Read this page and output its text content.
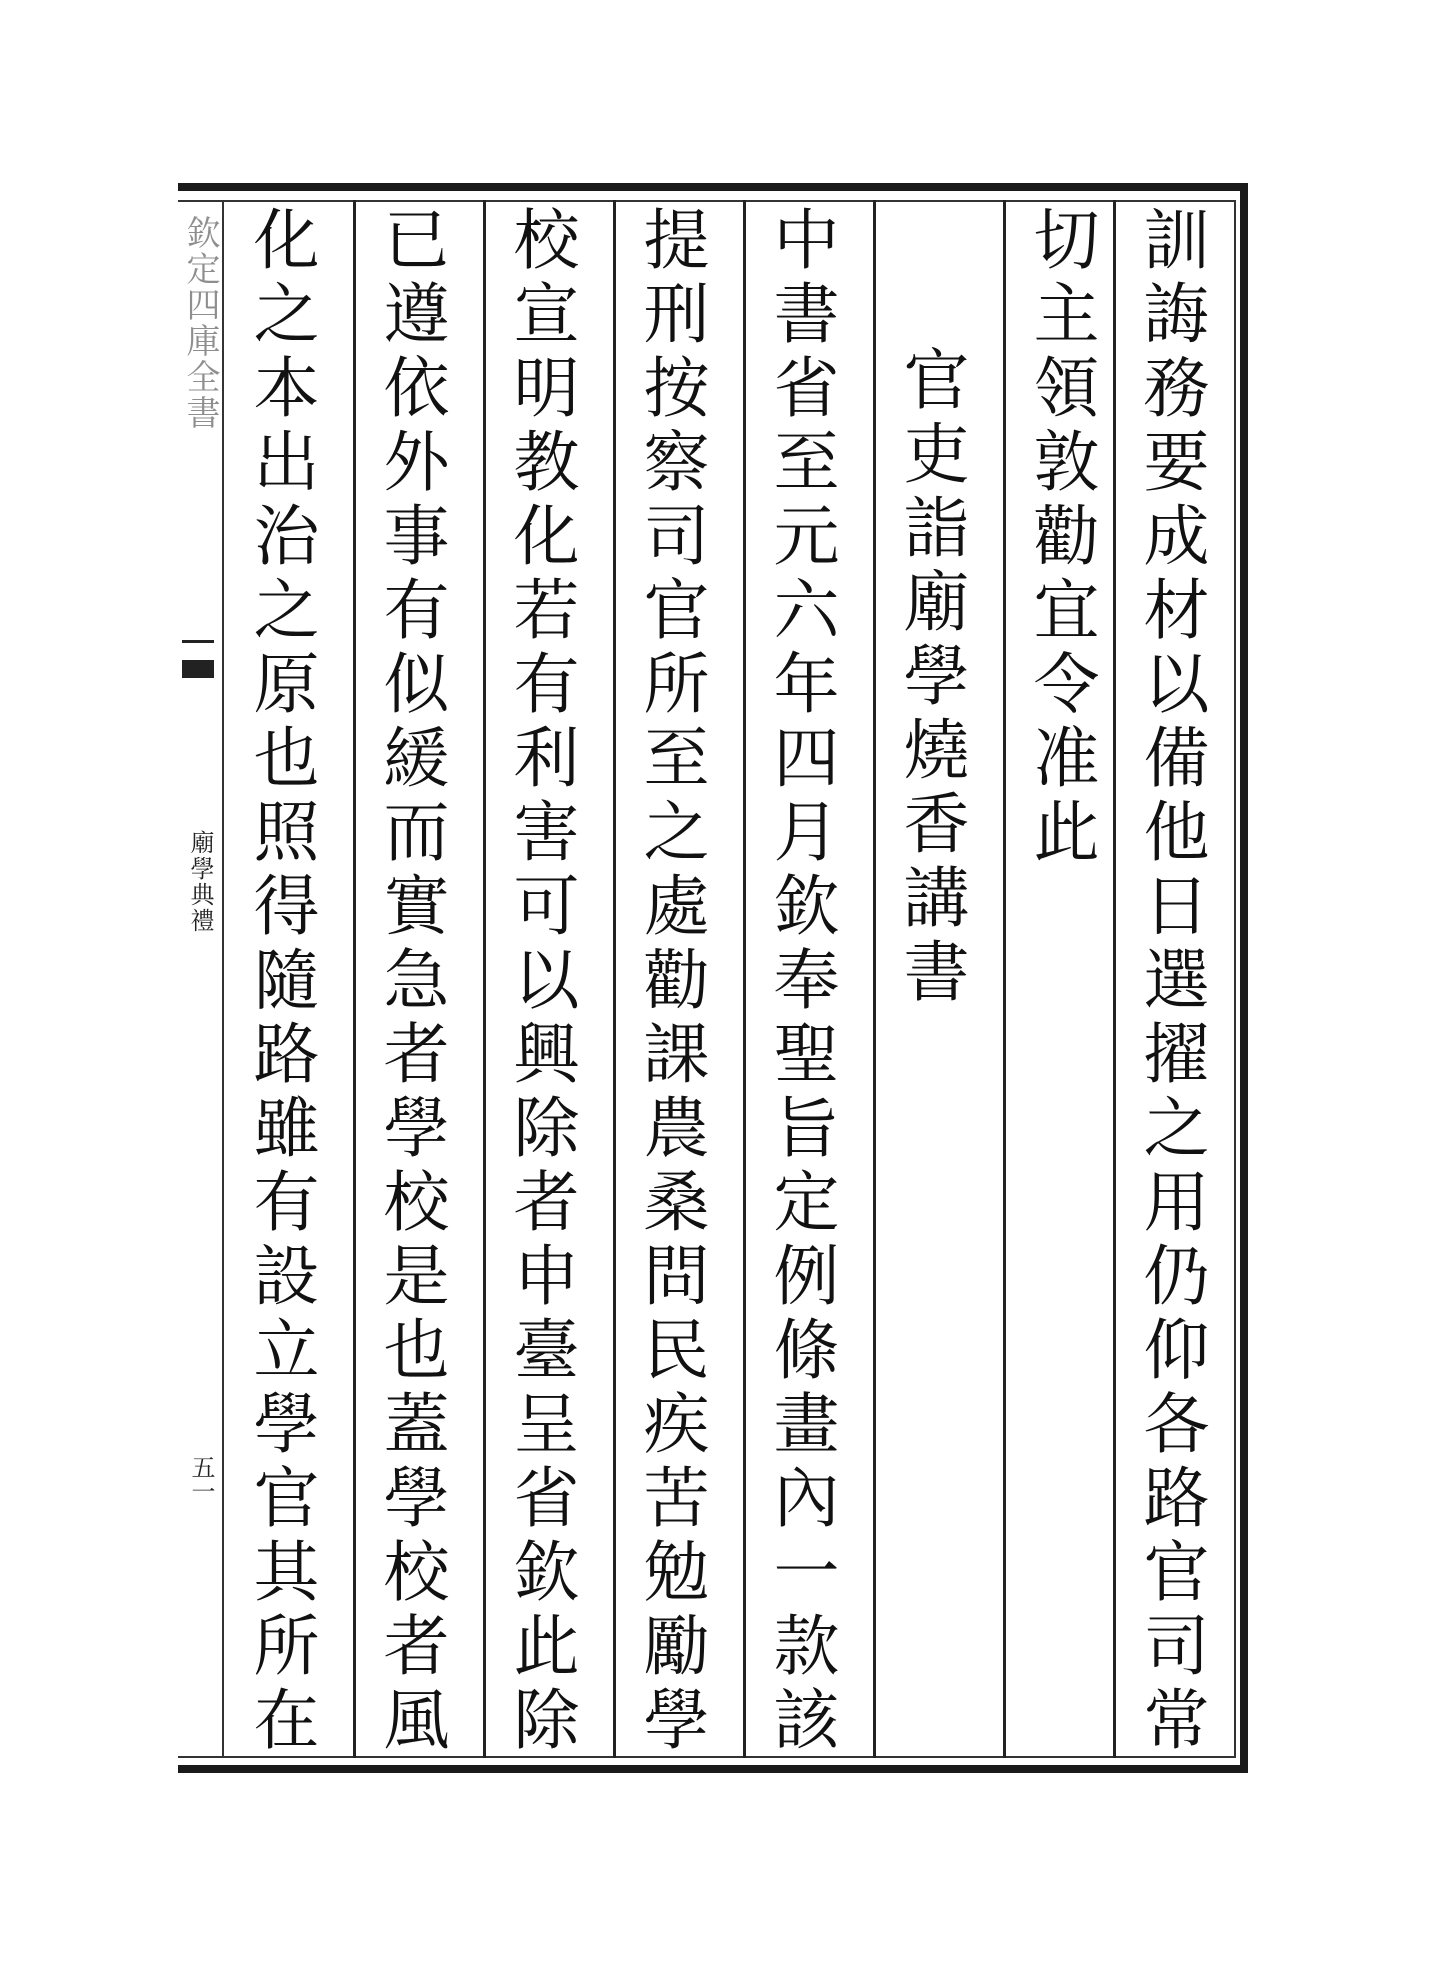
欽定四庫全書
廟學典禮
五一	訓誨務要成材以備他日選擢之用仍仰各路官司常
切主領敦勸宜令准此
官吏詣廟學燒香講書
中書省至元六年四月欽奉聖旨定例條畫內一款該
提刑按察司官所至之處勸課農桑問民疾苦勉勵學
校宣明教化若有利害可以興除者申臺呈省欽此除
已遵依外事有似緩而實急者學校是也蓋學校者風
化之本出治之原也照得隨路雖有設立學官其所在
